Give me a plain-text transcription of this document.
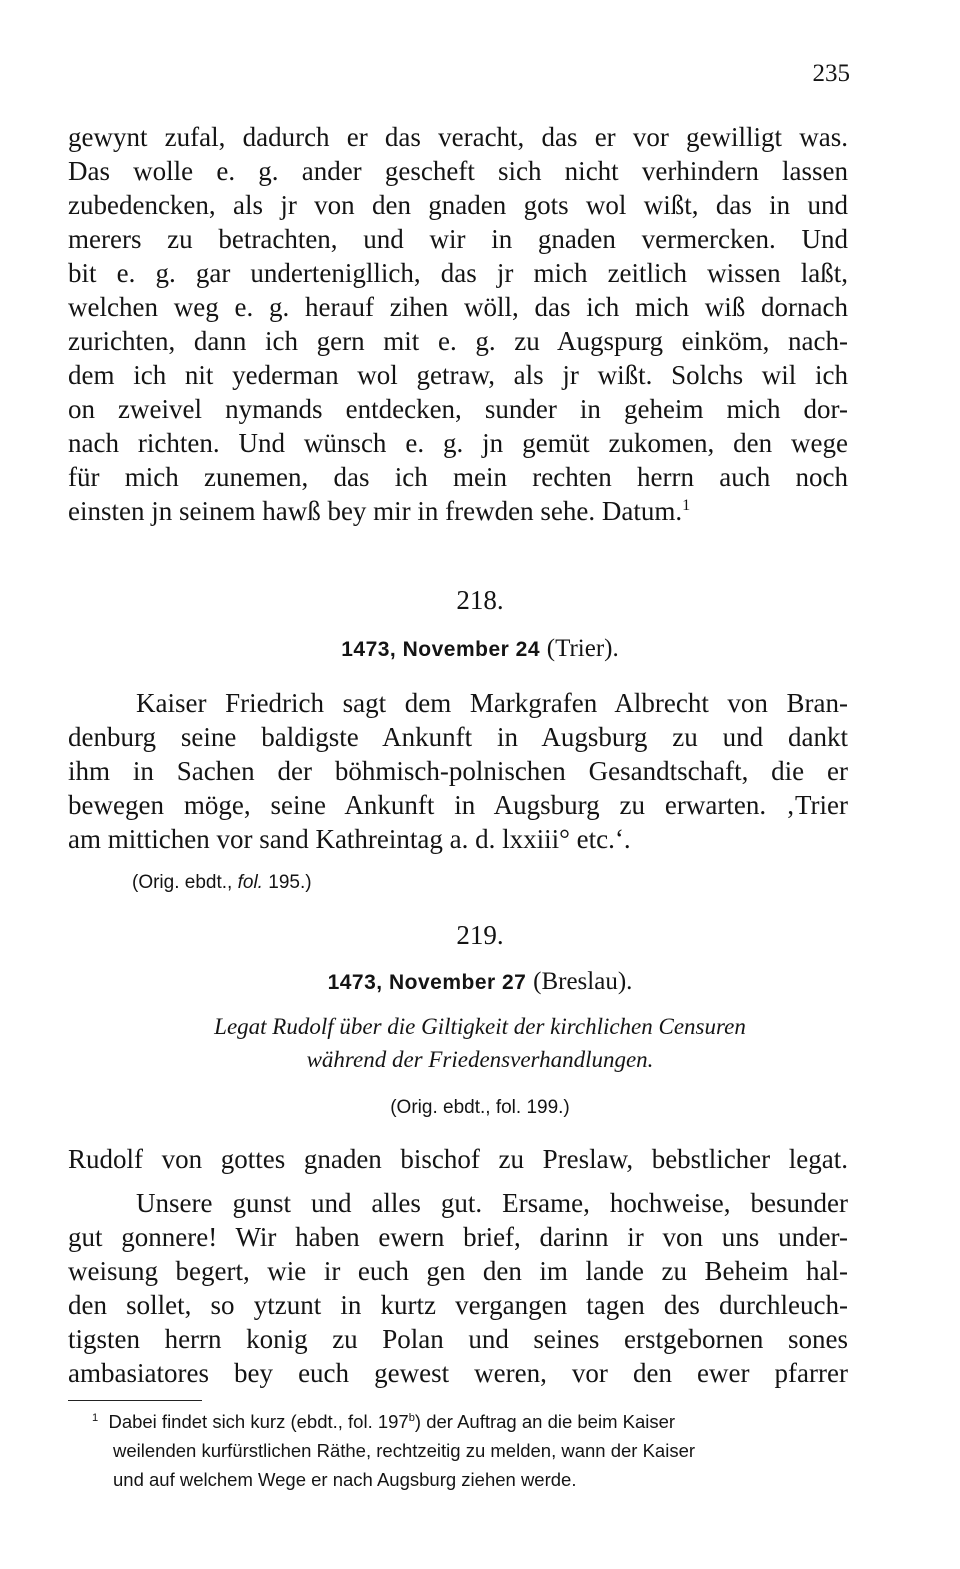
235
gewynt zufal, dadurch er das veracht, das er vor gewilligt was.
Das wolle e. g. ander gescheft sich nicht verhindern lassen
zubedencken, als jr von den gnaden gots wol wißt, das in und
merers zu betrachten, und wir in gnaden vermercken. Und
bit e. g. gar undertenigllich, das jr mich zeitlich wissen laßt,
welchen weg e. g. herauf zihen wöll, das ich mich wiß dornach
zurichten, dann ich gern mit e. g. zu Augspurg einköm, nach-
dem ich nit yederman wol getraw, als jr wißt. Solchs wil ich
on zweivel nymands entdecken, sunder in geheim mich dor-
nach richten. Und wünsch e. g. jn gemüt zukomen, den wege
für mich zunemen, das ich mein rechten herrn auch noch
einsten jn seinem hawß bey mir in frewden sehe. Datum.$^1$
218.
1473, November 24 (Trier).
Kaiser Friedrich sagt dem Markgrafen Albrecht von Bran-
denburg seine baldigste Ankunft in Augsburg zu und dankt
ihm in Sachen der böhmisch-polnischen Gesandtschaft, die er
bewegen möge, seine Ankunft in Augsburg zu erwarten. ‚Trier
am mittichen vor sand Kathreintag a. d. lxxiii° etc.‘.
(Orig. ebdt., fol. 195.)
219.
1473, November 27 (Breslau).
Legat Rudolf über die Giltigkeit der kirchlichen Censuren
während der Friedensverhandlungen.
(Orig. ebdt., fol. 199.)
Rudolf von gottes gnaden bischof zu Preslaw, bebstlicher legat.
Unsere gunst und alles gut. Ersame, hochweise, besunder
gut gonnere! Wir haben ewern brief, darinn ir von uns under-
weisung begert, wie ir euch gen den im lande zu Beheim hal-
den sollet, so ytzunt in kurtz vergangen tagen des durchleuch-
tigsten herrn konig zu Polan und seines erstgebornen sones
ambasiatores bey euch gewest weren, vor den ewer pfarrer
$^1$ Dabei findet sich kurz (ebdt., fol. 197$^b$) der Auftrag an die beim Kaiser
weilenden kurfürstlichen Räthe, rechtzeitig zu melden, wann der Kaiser
und auf welchem Wege er nach Augsburg ziehen werde.
